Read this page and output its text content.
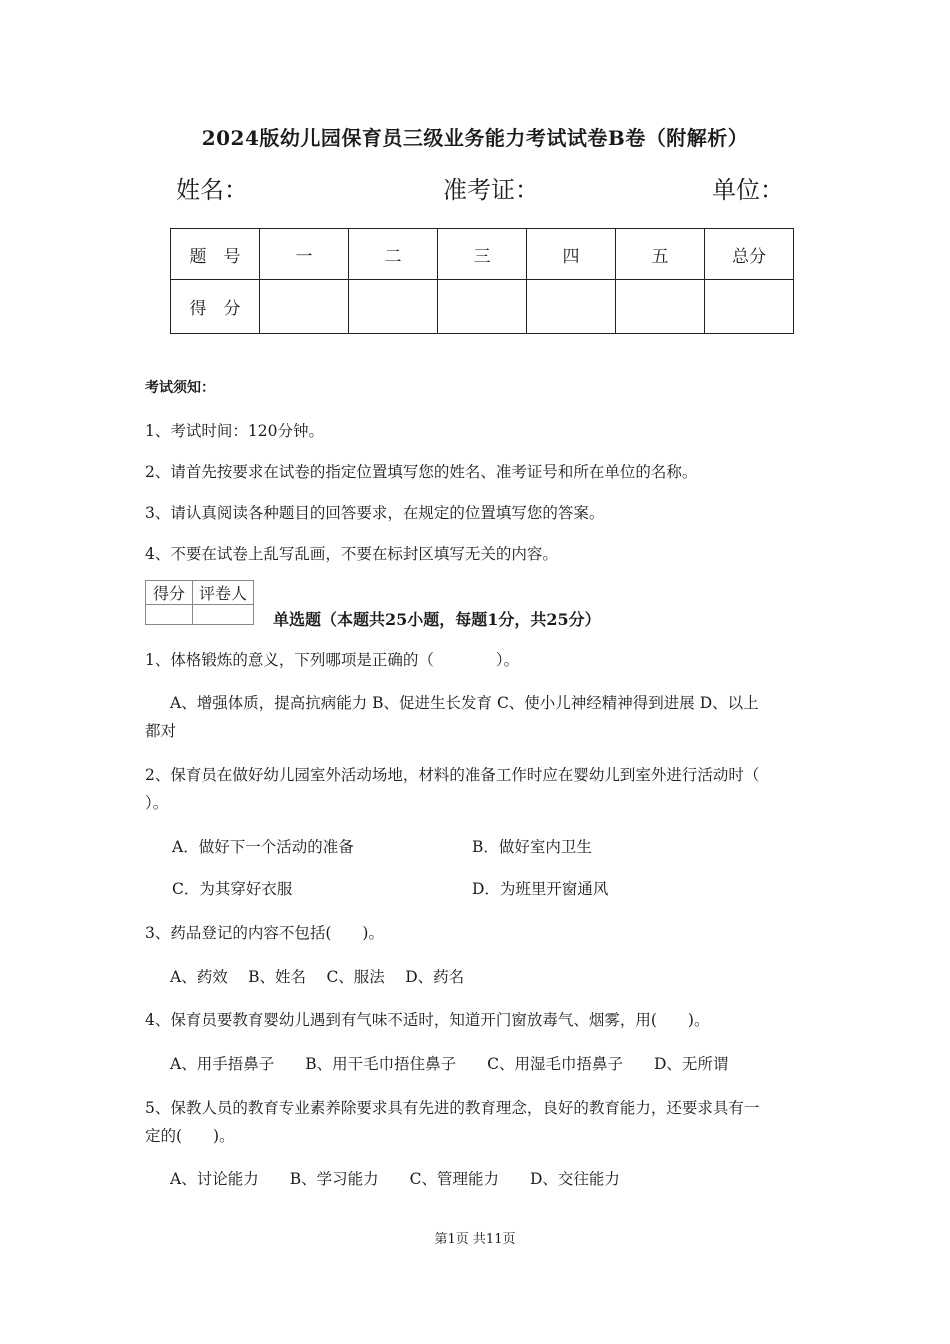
2024版幼儿园保育员三级业务能力考试试卷B卷（附解析）
姓名：	准考证：	单位：
题　号	一	二	三	四	五	总分
得　分						
考试须知：
1、考试时间：120分钟。
2、请首先按要求在试卷的指定位置填写您的姓名、准考证号和所在单位的名称。
3、请认真阅读各种题目的回答要求，在规定的位置填写您的答案。
4、不要在试卷上乱写乱画，不要在标封区填写无关的内容。
得分	评卷人

单选题（本题共25小题，每题1分，共25分）
1、体格锻炼的意义，下列哪项是正确的（　　　　）。
A、增强体质，提高抗病能力 B、促进生长发育 C、使小儿神经精神得到进展 D、以上
都对
2、保育员在做好幼儿园室外活动场地，材料的准备工作时应在婴幼儿到室外进行活动时（
）。
A．做好下一个活动的准备	B．做好室内卫生
C．为其穿好衣服	D．为班里开窗通风
3、药品登记的内容不包括(　　)。
A、药效　 B、姓名　 C、服法　 D、药名
4、保育员要教育婴幼儿遇到有气味不适时，知道开门窗放毒气、烟雾，用(　　)。
A、用手捂鼻子　　B、用干毛巾捂住鼻子　　C、用湿毛巾捂鼻子　　D、无所谓
5、保教人员的教育专业素养除要求具有先进的教育理念，良好的教育能力，还要求具有一
定的(　　)。
A、讨论能力　　B、学习能力　　C、管理能力　　D、交往能力
第1页 共11页
